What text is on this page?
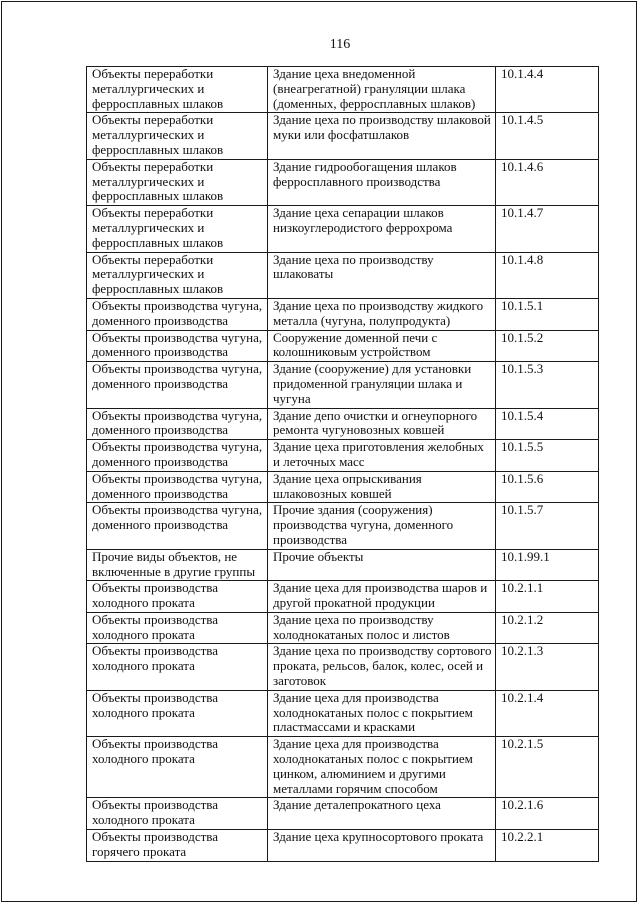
116
Объекты переработки металлургических и ферросплавных шлаков	Здание цеха внедоменной (внеагрегатной) грануляции шлака (доменных, ферросплавных шлаков)	10.1.4.4
Объекты переработки металлургических и ферросплавных шлаков	Здание цеха по производству шлаковой муки или фосфатшлаков	10.1.4.5
Объекты переработки металлургических и ферросплавных шлаков	Здание гидрообогащения шлаков ферросплавного производства	10.1.4.6
Объекты переработки металлургических и ферросплавных шлаков	Здание цеха сепарации шлаков низкоуглеродистого феррохрома	10.1.4.7
Объекты переработки металлургических и ферросплавных шлаков	Здание цеха по производству шлаковаты	10.1.4.8
Объекты производства чугуна, доменного производства	Здание цеха по производству жидкого металла (чугуна, полупродукта)	10.1.5.1
Объекты производства чугуна, доменного производства	Сооружение доменной печи с колошниковым устройством	10.1.5.2
Объекты производства чугуна, доменного производства	Здание (сооружение) для установки придоменной грануляции шлака и чугуна	10.1.5.3
Объекты производства чугуна, доменного производства	Здание депо очистки и огнеупорного ремонта чугуновозных ковшей	10.1.5.4
Объекты производства чугуна, доменного производства	Здание цеха приготовления желобных и леточных масс	10.1.5.5
Объекты производства чугуна, доменного производства	Здание цеха опрыскивания шлаковозных ковшей	10.1.5.6
Объекты производства чугуна, доменного производства	Прочие здания (сооружения) производства чугуна, доменного производства	10.1.5.7
Прочие виды объектов, не включенные в другие группы	Прочие объекты	10.1.99.1
Объекты производства холодного проката	Здание цеха для производства шаров и другой прокатной продукции	10.2.1.1
Объекты производства холодного проката	Здание цеха по производству холоднокатаных полос и листов	10.2.1.2
Объекты производства холодного проката	Здание цеха по производству сортового проката, рельсов, балок, колес, осей и заготовок	10.2.1.3
Объекты производства холодного проката	Здание цеха для производства холоднокатаных полос с покрытием пластмассами и красками	10.2.1.4
Объекты производства холодного проката	Здание цеха для производства холоднокатаных полос с покрытием цинком, алюминием и другими металлами горячим способом	10.2.1.5
Объекты производства холодного проката	Здание деталепрокатного цеха	10.2.1.6
Объекты производства горячего проката	Здание цеха крупносортового проката	10.2.2.1
